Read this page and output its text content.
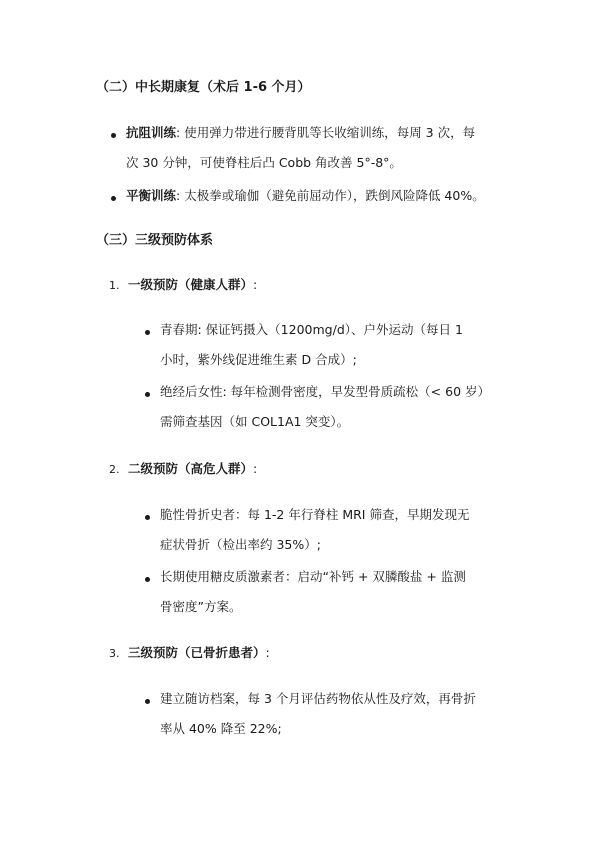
（二）中长期康复（术后 1-6 个月）
抗阻训练: 使用弹力带进行腰背肌等长收缩训练，每周 3 次，每
次 30 分钟，可使脊柱后凸 Cobb 角改善 5°-8°。
平衡训练: 太极拳或瑜伽（避免前屈动作），跌倒风险降低 40%。
（三）三级预防体系
1. 一级预防（健康人群）:
青春期: 保证钙摄入（1200mg/d）、户外运动（每日 1
小时，紫外线促进维生素 D 合成）;
绝经后女性: 每年检测骨密度，早发型骨质疏松（< 60 岁）
需筛查基因（如 COL1A1 突变）。
2. 二级预防（高危人群）:
脆性骨折史者：每 1-2 年行脊柱 MRI 筛查，早期发现无
症状骨折（检出率约 35%）;
长期使用糖皮质激素者：启动“补钙 + 双膦酸盐 + 监测
骨密度”方案。
3. 三级预防（已骨折患者）:
建立随访档案，每 3 个月评估药物依从性及疗效，再骨折
率从 40% 降至 22%;
